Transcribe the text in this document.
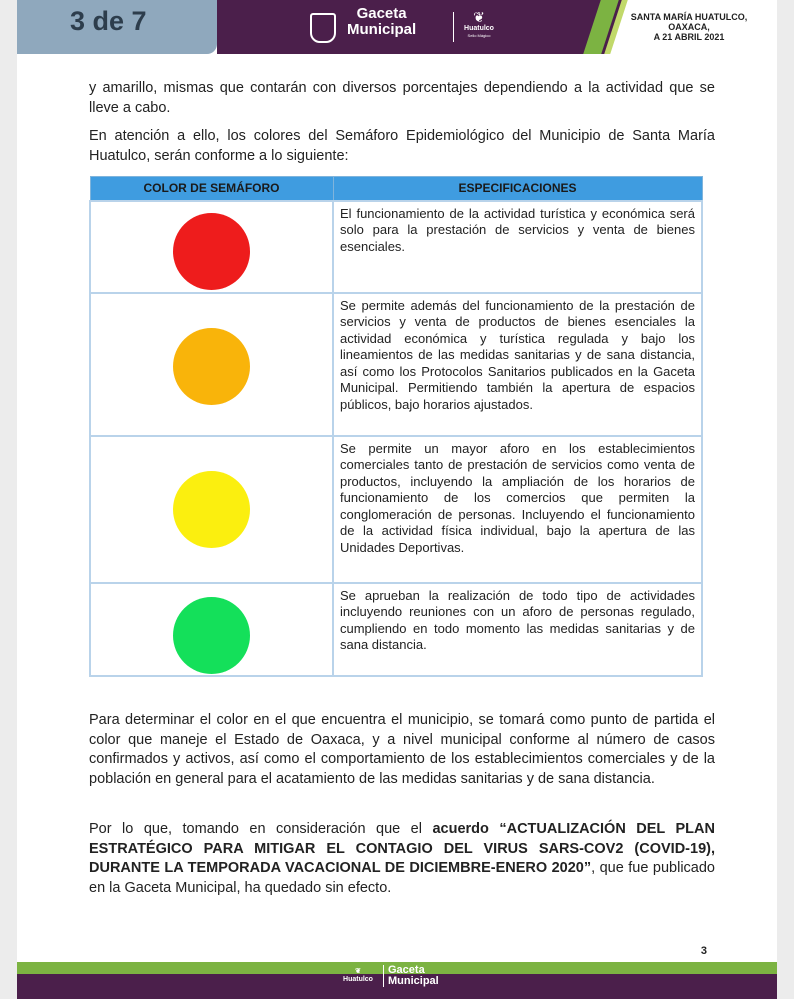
Gaceta
Municipal
❦
Huatulco
Sello Mágico
SANTA MARÍA HUATULCO,
OAXACA,
A 21 ABRIL 2021
3 de 7

y amarillo, mismas que contarán con diversos porcentajes dependiendo a la actividad que se lleve a cabo.

En atención a ello, los colores del Semáforo Epidemiológico del Municipio de Santa María Huatulco, serán conforme a lo siguiente:

COLOR DE SEMÁFORO	ESPECIFICACIONES

	El funcionamiento de la actividad turística y económica será solo para la prestación de servicios y venta de bienes esenciales.

	Se permite además del funcionamiento de la prestación de servicios y venta de productos de bienes esenciales la actividad económica y turística regulada y bajo los lineamientos de las medidas sanitarias y de sana distancia, así como los Protocolos Sanitarios publicados en la Gaceta Municipal. Permitiendo también la apertura de espacios públicos, bajo horarios ajustados.

	Se permite un mayor aforo en los establecimientos comerciales tanto de prestación de servicios como venta de productos, incluyendo la ampliación de los horarios de funcionamiento de los comercios que permiten la conglomeración de personas. Incluyendo el funcionamiento de la actividad física individual, bajo la apertura de las Unidades Deportivas.

	Se aprueban la realización de todo tipo de actividades incluyendo reuniones con un aforo de personas regulado, cumpliendo en todo momento las medidas sanitarias y de sana distancia.

Para determinar el color en el que encuentra el municipio, se tomará como punto de partida el color que maneje el Estado de Oaxaca, y a nivel municipal conforme al número de casos confirmados y activos, así como el comportamiento de los establecimientos comerciales y de la población en general para el acatamiento de las medidas sanitarias y de sana distancia.

Por lo que, tomando en consideración que el acuerdo “ACTUALIZACIÓN DEL PLAN ESTRATÉGICO PARA MITIGAR EL CONTAGIO DEL VIRUS SARS-COV2 (COVID-19), DURANTE LA TEMPORADA VACACIONAL DE DICIEMBRE-ENERO 2020”, que fue publicado en la Gaceta Municipal, ha quedado sin efecto.

3
❦
Huatulco
Gaceta
Municipal
